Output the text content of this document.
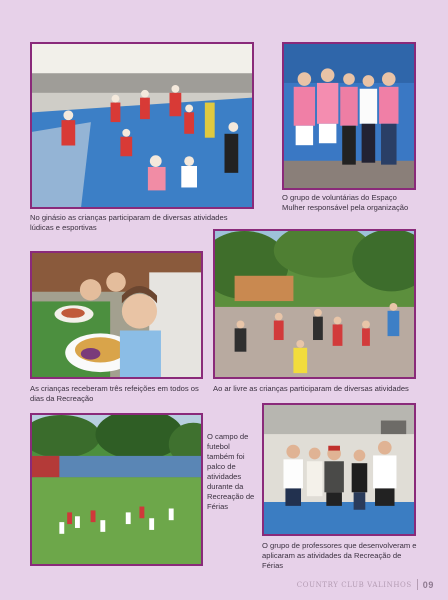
No ginásio as crianças participaram de diversas atividades lúdicas e esportivas
O grupo de voluntárias do Espaço Mulher responsável pela organização
As crianças receberam três refeições em todos os dias da Recreação
Ao ar livre as crianças participaram de diversas atividades
O campo de futebol também foi palco de atividades durante da Recreação de Férias
O grupo de professores que desenvolveram e aplicaram as atividades da Recreação de Férias
COUNTRY CLUB VALINHOS 09
